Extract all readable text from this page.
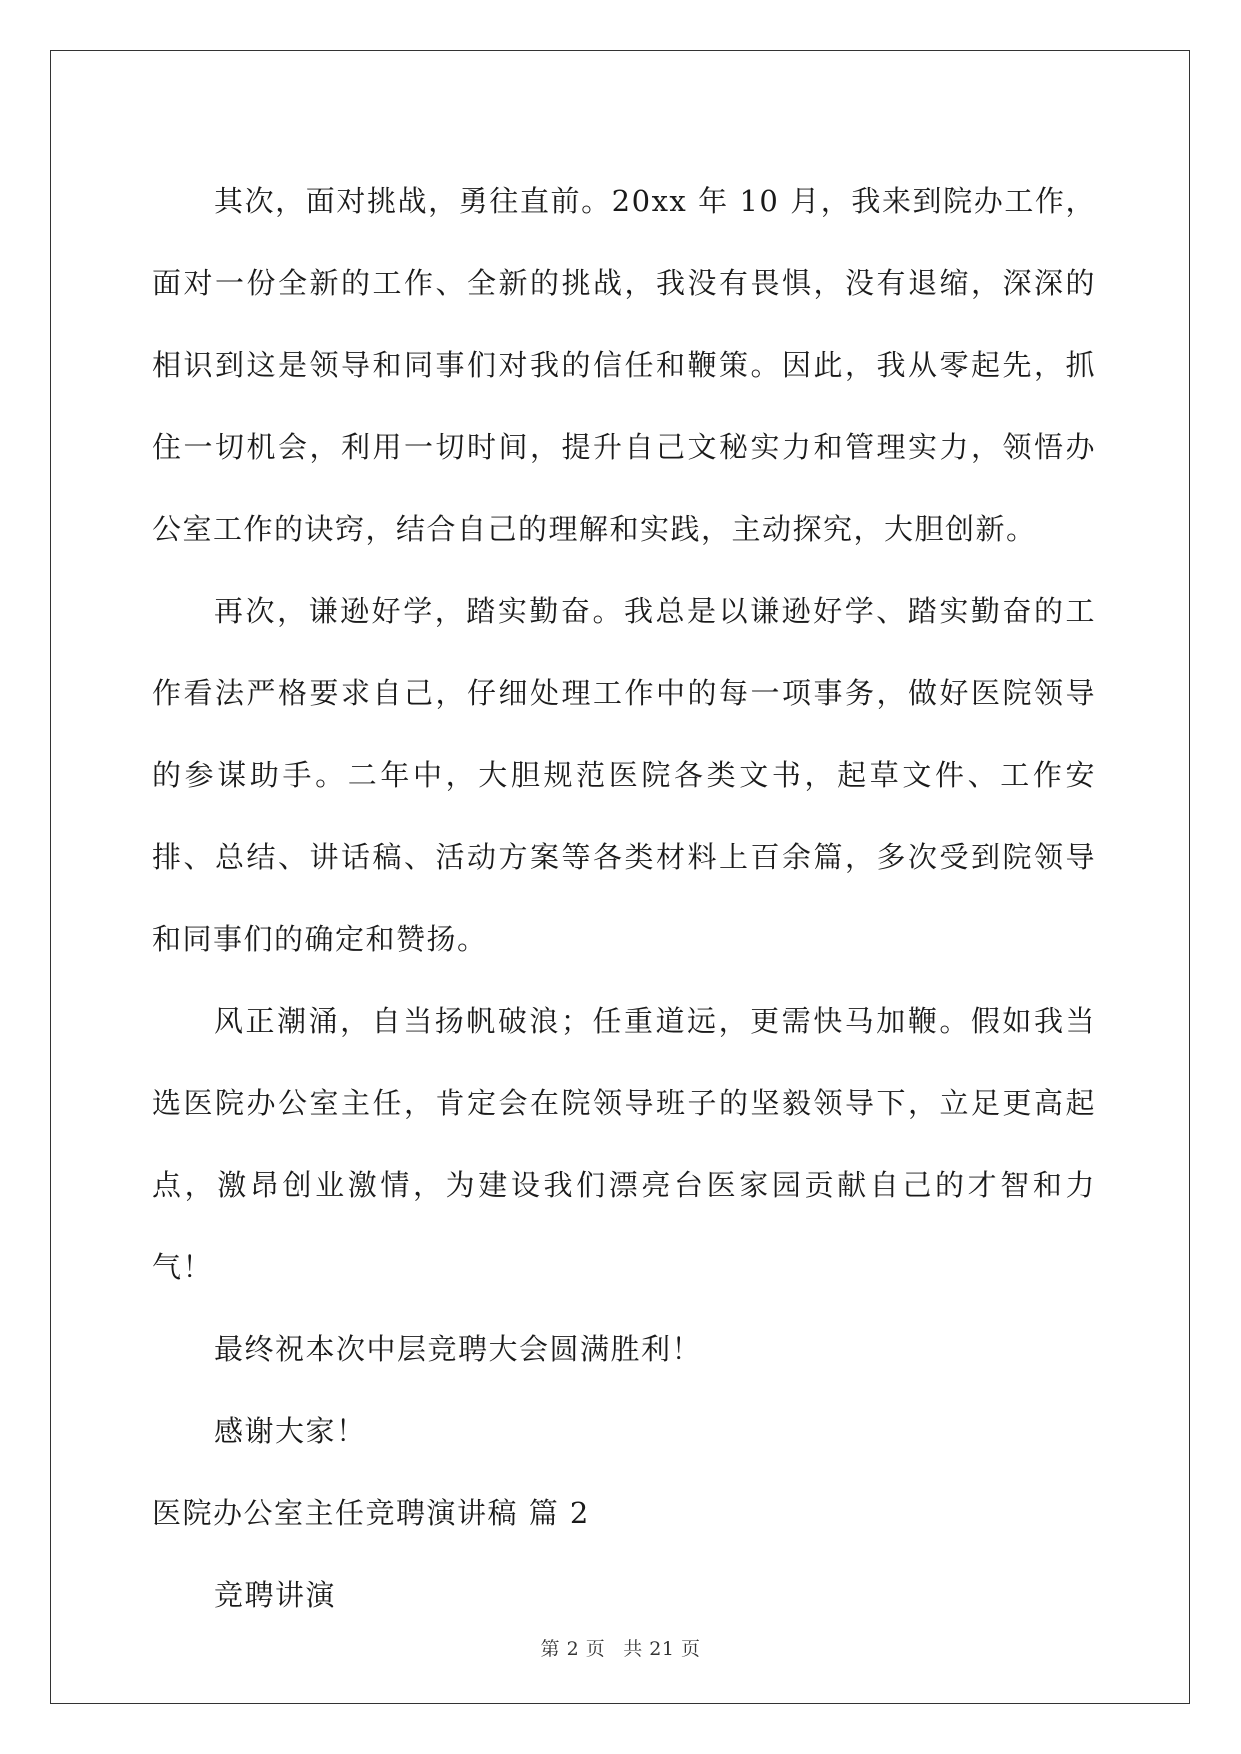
其次，面对挑战，勇往直前。20xx 年 10 月，我来到院办工作，面对一份全新的工作、全新的挑战，我没有畏惧，没有退缩，深深的相识到这是领导和同事们对我的信任和鞭策。因此，我从零起先，抓住一切机会，利用一切时间，提升自己文秘实力和管理实力，领悟办公室工作的诀窍，结合自己的理解和实践，主动探究，大胆创新。

再次，谦逊好学，踏实勤奋。我总是以谦逊好学、踏实勤奋的工作看法严格要求自己，仔细处理工作中的每一项事务，做好医院领导的参谋助手。二年中，大胆规范医院各类文书，起草文件、工作安排、总结、讲话稿、活动方案等各类材料上百余篇，多次受到院领导和同事们的确定和赞扬。

风正潮涌，自当扬帆破浪；任重道远，更需快马加鞭。假如我当选医院办公室主任，肯定会在院领导班子的坚毅领导下，立足更高起点，激昂创业激情，为建设我们漂亮台医家园贡献自己的才智和力气！

最终祝本次中层竞聘大会圆满胜利！

感谢大家！

医院办公室主任竞聘演讲稿 篇 2

竞聘讲演

第 2 页 共 21 页
